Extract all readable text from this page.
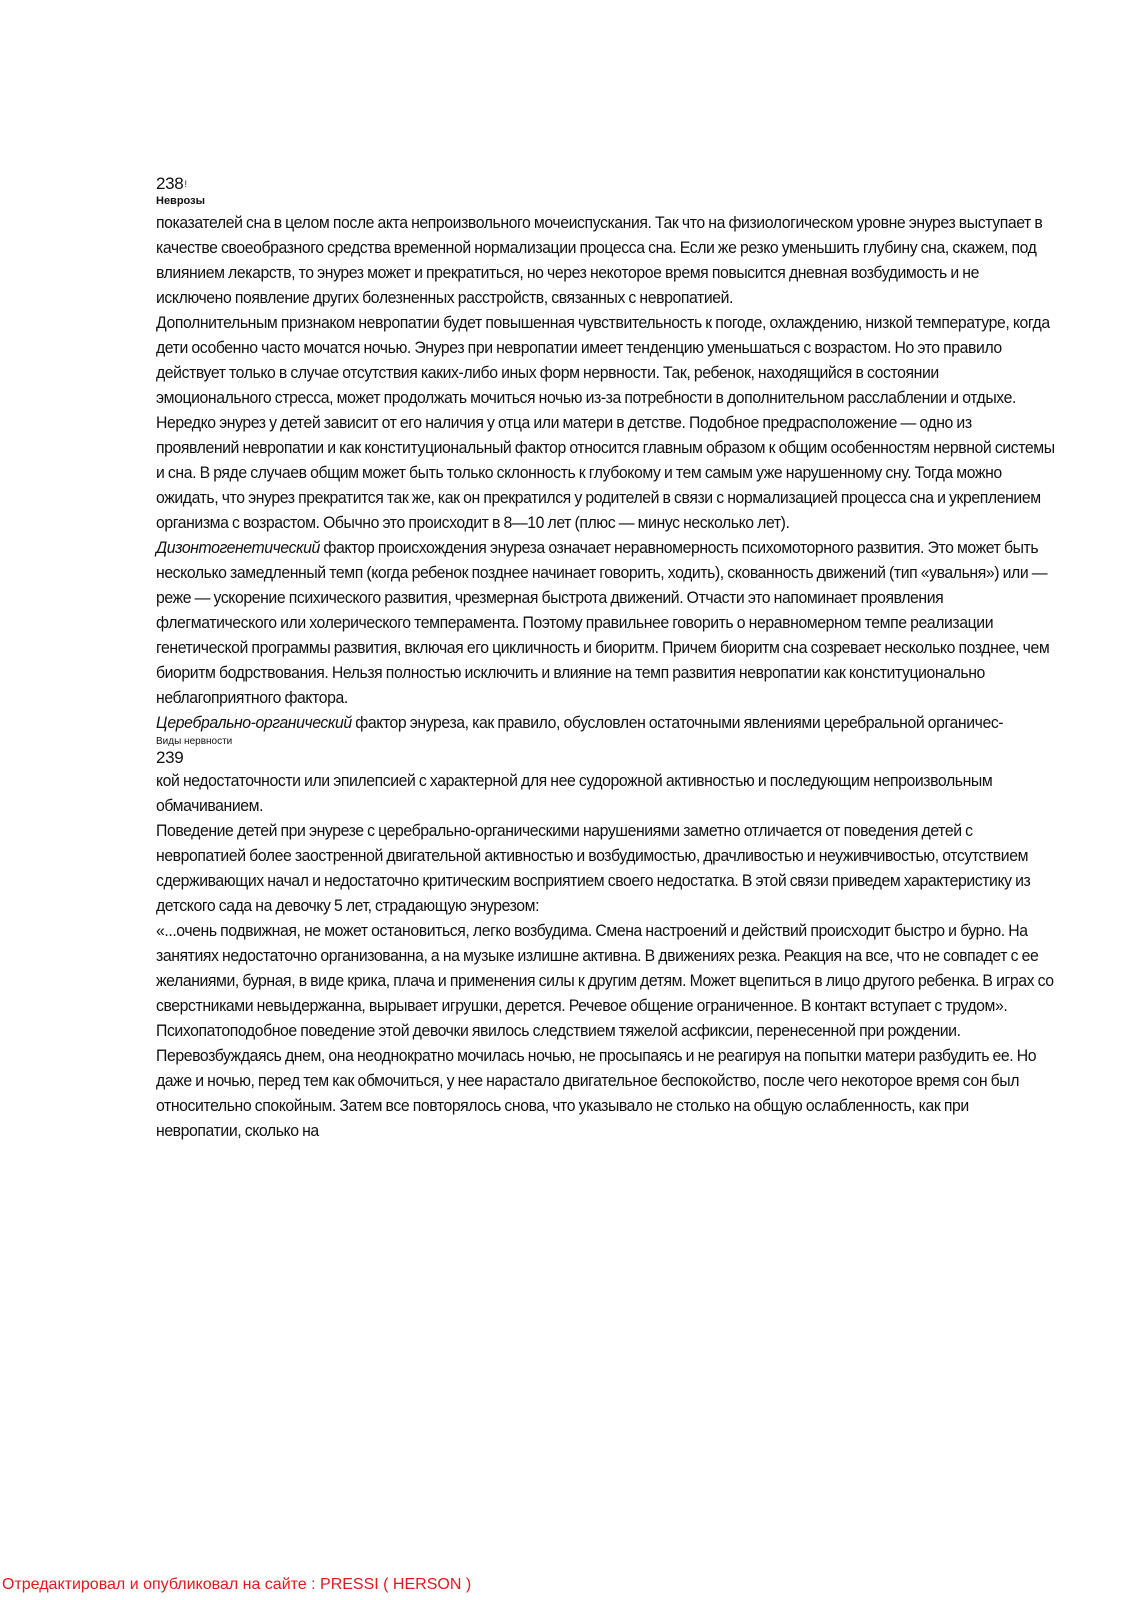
238!
Неврозы

показателей сна в целом после акта непроизвольного мочеиспускания. Так что на физиологическом уровне энурез выступает в качестве своеобразного средства временной нормализации процесса сна. Если же резко уменьшить глубину сна, скажем, под влиянием лекарств, то энурез может и прекратиться, но через некоторое время повысится дневная возбудимость и не исключено появление других болезненных расстройств, связанных с невропатией.

Дополнительным признаком невропатии будет повышенная чувствительность к погоде, охлаждению, низкой температуре, когда дети особенно часто мочатся ночью. Энурез при невропатии имеет тенденцию уменьшаться с возрастом. Но это правило действует только в случае отсутствия каких-либо иных форм нервности. Так, ребенок, находящийся в состоянии эмоционального стресса, может продолжать мочиться ночью из-за потребности в дополнительном расслаблении и отдыхе.

Нередко энурез у детей зависит от его наличия у отца или матери в детстве. Подобное предрасположение — одно из проявлений невропатии и как конституциональный фактор относится главным образом к общим особенностям нервной системы и сна. В ряде случаев общим может быть только склонность к глубокому и тем самым уже нарушенному сну. Тогда можно ожидать, что энурез прекратится так же, как он прекратился у родителей в связи с нормализацией процесса сна и укреплением организма с возрастом. Обычно это происходит в 8—10 лет (плюс — минус несколько лет).

Дизонтогенетический фактор происхождения энуреза означает неравномерность психомоторного развития. Это может быть несколько замедленный темп (когда ребенок позднее начинает говорить, ходить), скованность движений (тип «увальня») или — реже — ускорение психического развития, чрезмерная быстрота движений. Отчасти это напоминает проявления флегматического или холерического темперамента. Поэтому правильнее говорить о неравномерном темпе реализации генетической программы развития, включая его цикличность и биоритм. Причем биоритм сна созревает несколько позднее, чем биоритм бодрствования. Нельзя полностью исключить и влияние на темп развития невропатии как конституционально неблагоприятного фактора.

Церебрально-органический фактор энуреза, как правило, обусловлен остаточными явлениями церебральной органичес-

Виды нервности
239

кой недостаточности или эпилепсией с характерной для нее судорожной активностью и последующим непроизвольным обмачиванием.

Поведение детей при энурезе с церебрально-органическими нарушениями заметно отличается от поведения детей с невропатией более заостренной двигательной активностью и возбудимостью, драчливостью и неуживчивостью, отсутствием сдерживающих начал и недостаточно критическим восприятием своего недостатка. В этой связи приведем характеристику из детского сада на девочку 5 лет, страдающую энурезом:

«...очень подвижная, не может остановиться, легко возбудима. Смена настроений и действий происходит быстро и бурно. На занятиях недостаточно организованна, а на музыке излишне активна. В движениях резка. Реакция на все, что не совпадет с ее желаниями, бурная, в виде крика, плача и применения силы к другим детям. Может вцепиться в лицо другого ребенка. В играх со сверстниками невыдержанна, вырывает игрушки, дерется. Речевое общение ограниченное. В контакт вступает с трудом».

Психопатоподобное поведение этой девочки явилось следствием тяжелой асфиксии, перенесенной при рождении. Перевозбуждаясь днем, она неоднократно мочилась ночью, не просыпаясь и не реагируя на попытки матери разбудить ее. Но даже и ночью, перед тем как обмочиться, у нее нарастало двигательное беспокойство, после чего некоторое время сон был относительно спокойным. Затем все повторялось снова, что указывало не столько на общую ослабленность, как при невропатии, сколько на

Отредактировал и опубликовал на сайте : PRESSI ( HERSON )
